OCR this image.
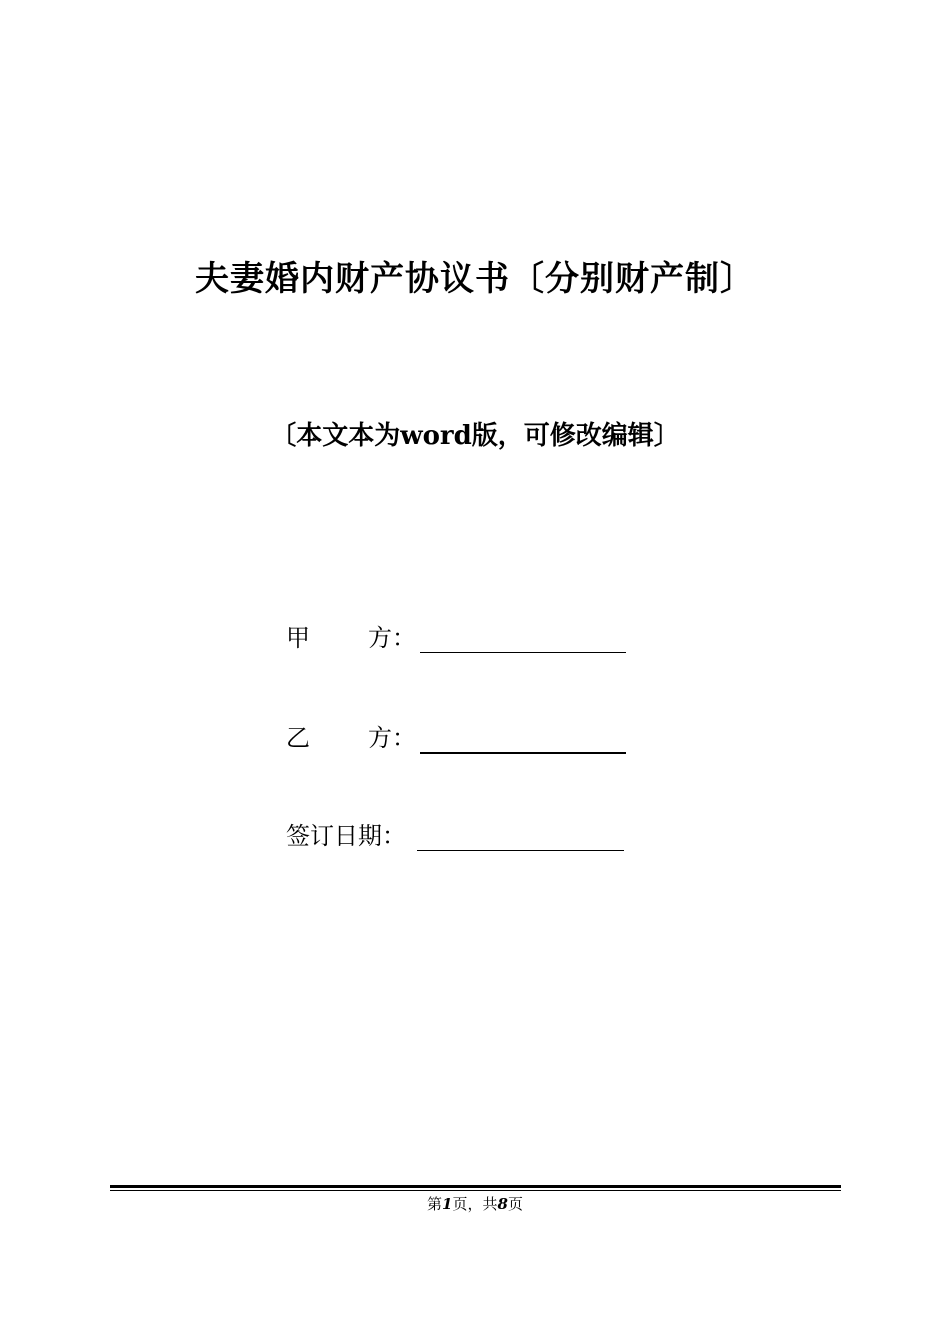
夫妻婚内财产协议书〔分别财产制〕
〔本文本为word版，可修改编辑〕
甲 方：
乙 方：
签订日期：
第1页，共8页
